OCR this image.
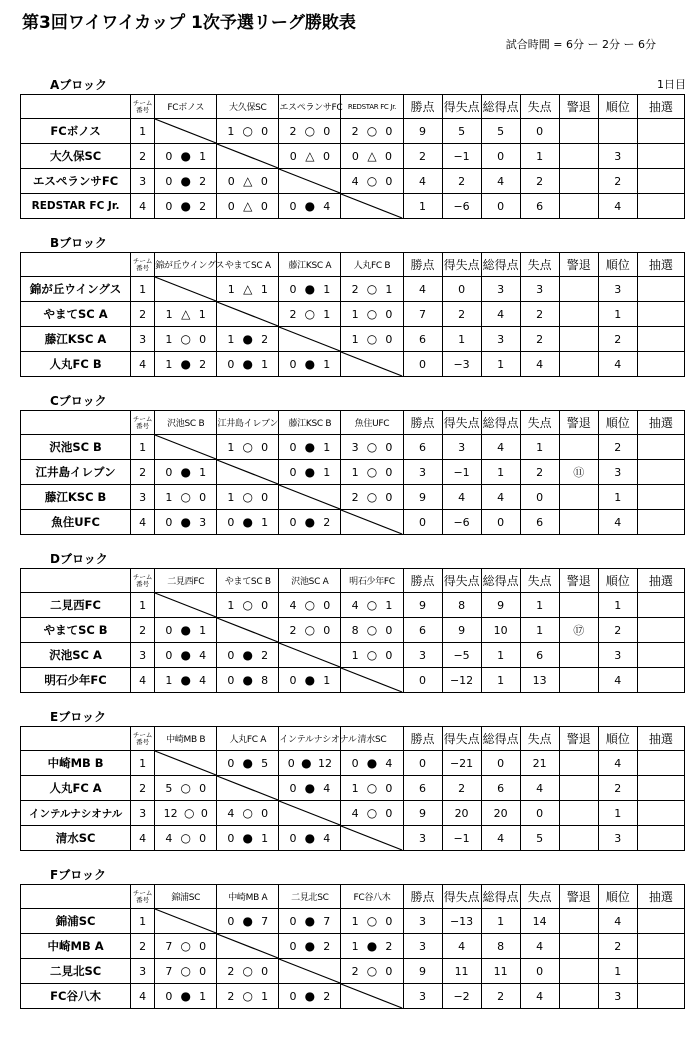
第3回ワイワイカップ 1次予選リーグ勝敗表
試合時間 = 6分 ー 2分 ー 6分
Aブロック	1日目
	チーム番号	FCボノス	大久保SC	エスペランサFC	REDSTAR FC Jr.	勝点	得失点	総得点	失点	警退	順位	抽選
FCボノス	1		1 ○ 0	2 ○ 0	2 ○ 0	9	5	5	0			
大久保SC	2	0 ● 1		0 △ 0	0 △ 0	2	−1	0	1		3	
エスペランサFC	3	0 ● 2	0 △ 0		4 ○ 0	4	2	4	2		2	
REDSTAR FC Jr.	4	0 ● 2	0 △ 0	0 ● 4		1	−6	0	6		4	
Bブロック
	チーム番号	錦が丘ウイングス	やまてSC A	藤江KSC A	人丸FC B	勝点	得失点	総得点	失点	警退	順位	抽選
錦が丘ウイングス	1		1 △ 1	0 ● 1	2 ○ 1	4	0	3	3		3	
やまてSC A	2	1 △ 1		2 ○ 1	1 ○ 0	7	2	4	2		1	
藤江KSC A	3	1 ○ 0	1 ● 2		1 ○ 0	6	1	3	2		2	
人丸FC B	4	1 ● 2	0 ● 1	0 ● 1		0	−3	1	4		4	
Cブロック
	チーム番号	沢池SC B	江井島イレブン	藤江KSC B	魚住UFC	勝点	得失点	総得点	失点	警退	順位	抽選
沢池SC B	1		1 ○ 0	0 ● 1	3 ○ 0	6	3	4	1		2	
江井島イレブン	2	0 ● 1		0 ● 1	1 ○ 0	3	−1	1	2	⑪	3	
藤江KSC B	3	1 ○ 0	1 ○ 0		2 ○ 0	9	4	4	0		1	
魚住UFC	4	0 ● 3	0 ● 1	0 ● 2		0	−6	0	6		4	
Dブロック
	チーム番号	二見西FC	やまてSC B	沢池SC A	明石少年FC	勝点	得失点	総得点	失点	警退	順位	抽選
二見西FC	1		1 ○ 0	4 ○ 0	4 ○ 1	9	8	9	1		1	
やまてSC B	2	0 ● 1		2 ○ 0	8 ○ 0	6	9	10	1	⑰	2	
沢池SC A	3	0 ● 4	0 ● 2		1 ○ 0	3	−5	1	6		3	
明石少年FC	4	1 ● 4	0 ● 8	0 ● 1		0	−12	1	13		4	
Eブロック
	チーム番号	中崎MB B	人丸FC A	インテルナシオナル	清水SC	勝点	得失点	総得点	失点	警退	順位	抽選
中崎MB B	1		0 ● 5	0 ● 12	0 ● 4	0	−21	0	21		4	
人丸FC A	2	5 ○ 0		0 ● 4	1 ○ 0	6	2	6	4		2	
インテルナシオナル	3	12 ○ 0	4 ○ 0		4 ○ 0	9	20	20	0		1	
清水SC	4	4 ○ 0	0 ● 1	0 ● 4		3	−1	4	5		3	
Fブロック
	チーム番号	錦浦SC	中崎MB A	二見北SC	FC谷八木	勝点	得失点	総得点	失点	警退	順位	抽選
錦浦SC	1		0 ● 7	0 ● 7	1 ○ 0	3	−13	1	14		4	
中崎MB A	2	7 ○ 0		0 ● 2	1 ● 2	3	4	8	4		2	
二見北SC	3	7 ○ 0	2 ○ 0		2 ○ 0	9	11	11	0		1	
FC谷八木	4	0 ● 1	2 ○ 1	0 ● 2		3	−2	2	4		3	
